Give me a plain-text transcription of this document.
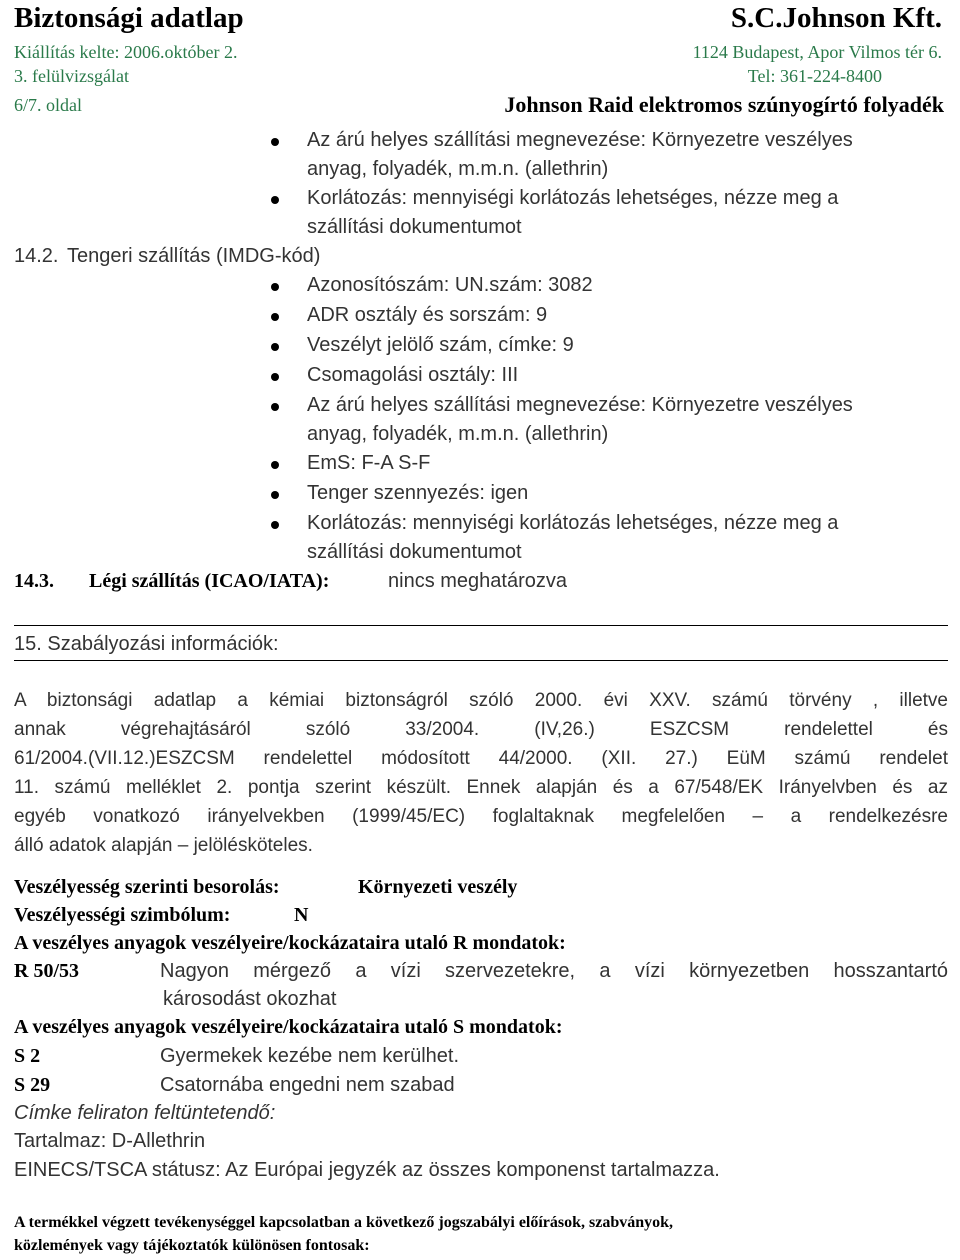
Biztonsági adatlap	S.C.Johnson Kft.
Kiállítás kelte: 2006.október 2.	1124 Budapest, Apor Vilmos tér 6.
3. felülvizsgálat	Tel: 361-224-8400
6/7. oldal	Johnson Raid elektromos szúnyogírtó folyadék
Az árú helyes szállítási megnevezése: Környezetre veszélyes
anyag, folyadék, m.m.n. (allethrin)
Korlátozás: mennyiségi korlátozás lehetséges, nézze meg a
szállítási dokumentumot
14.2. Tengeri szállítás (IMDG-kód)
Azonosítószám: UN.szám: 3082
ADR osztály és sorszám: 9
Veszélyt jelölő szám, címke: 9
Csomagolási osztály: III
Az árú helyes szállítási megnevezése: Környezetre veszélyes
anyag, folyadék, m.m.n. (allethrin)
EmS: F-A S-F
Tenger szennyezés: igen
Korlátozás: mennyiségi korlátozás lehetséges, nézze meg a
szállítási dokumentumot
14.3. Légi szállítás (ICAO/IATA):	nincs meghatározva
15. Szabályozási információk:
A biztonsági adatlap a kémiai biztonságról szóló 2000. évi XXV. számú törvény , illetve
annak végrehajtásáról szóló 33/2004. (IV,26.) ESZCSM rendelettel és
61/2004.(VII.12.)ESZCSM rendelettel módosított 44/2000. (XII. 27.) EüM számú rendelet
11. számú melléklet 2. pontja szerint készült. Ennek alapján és a 67/548/EK Irányelvben és az
egyéb vonatkozó irányelvekben (1999/45/EC) foglaltaknak megfelelően – a rendelkezésre
álló adatok alapján – jelölésköteles.
Veszélyesség szerinti besorolás:	Környezeti veszély
Veszélyességi szimbólum:	N
A veszélyes anyagok veszélyeire/kockázataira utaló R mondatok:
R 50/53	Nagyon mérgező a vízi szervezetekre, a vízi környezetben hosszantartó
károsodást okozhat
A veszélyes anyagok veszélyeire/kockázataira utaló S mondatok:
S 2	Gyermekek kezébe nem kerülhet.
S 29	Csatornába engedni nem szabad
Címke feliraton feltüntetendő:
Tartalmaz: D-Allethrin
EINECS/TSCA státusz: Az Európai jegyzék az összes komponenst tartalmazza.
A termékkel végzett tevékenységgel kapcsolatban a következő jogszabályi előírások, szabványok,
közlemények vagy tájékoztatók különösen fontosak:
